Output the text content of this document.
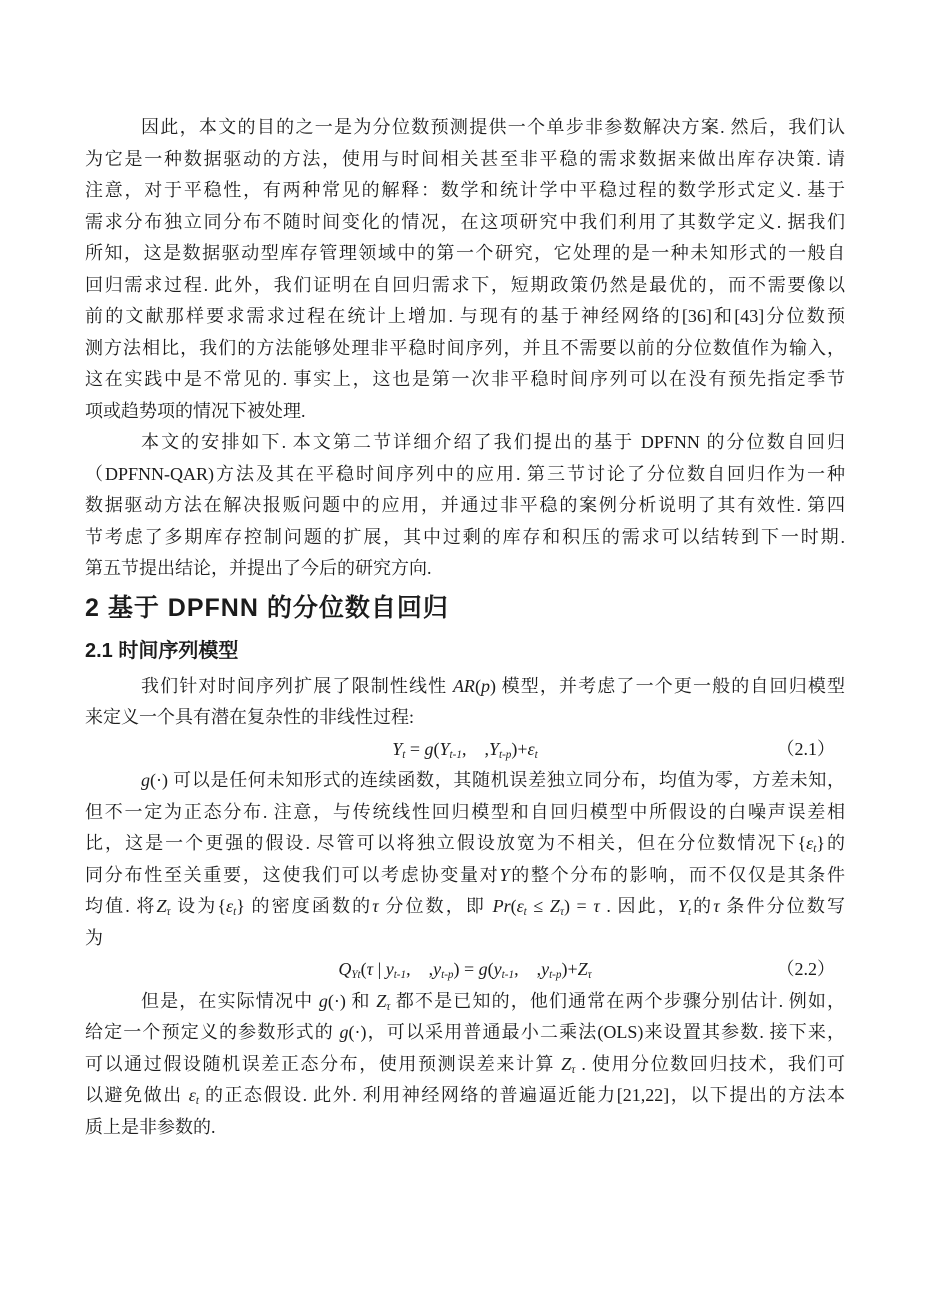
因此，本文的目的之一是为分位数预测提供一个单步非参数解决方案. 然后，我们认
为它是一种数据驱动的方法，使用与时间相关甚至非平稳的需求数据来做出库存决策. 请
注意，对于平稳性，有两种常见的解释：数学和统计学中平稳过程的数学形式定义. 基于
需求分布独立同分布不随时间变化的情况，在这项研究中我们利用了其数学定义. 据我们
所知，这是数据驱动型库存管理领域中的第一个研究，它处理的是一种未知形式的一般自
回归需求过程. 此外，我们证明在自回归需求下，短期政策仍然是最优的，而不需要像以
前的文献那样要求需求过程在统计上增加. 与现有的基于神经网络的[36]和[43]分位数预
测方法相比，我们的方法能够处理非平稳时间序列，并且不需要以前的分位数值作为输入，
这在实践中是不常见的. 事实上，这也是第一次非平稳时间序列可以在没有预先指定季节
项或趋势项的情况下被处理.
本文的安排如下. 本文第二节详细介绍了我们提出的基于 DPFNN 的分位数自回归
（DPFNN-QAR)方法及其在平稳时间序列中的应用. 第三节讨论了分位数自回归作为一种
数据驱动方法在解决报贩问题中的应用，并通过非平稳的案例分析说明了其有效性. 第四
节考虑了多期库存控制问题的扩展，其中过剩的库存和积压的需求可以结转到下一时期.
第五节提出结论，并提出了今后的研究方向.
2 基于 DPFNN 的分位数自回归
2.1 时间序列模型
我们针对时间序列扩展了限制性线性 AR(p) 模型，并考虑了一个更一般的自回归模型
来定义一个具有潜在复杂性的非线性过程:
$Y_t = g(Y_{t-1}$,  $,Y_{t-p})+\varepsilon_t$	（2.1）
g(·) 可以是任何未知形式的连续函数，其随机误差独立同分布，均值为零，方差未知，
但不一定为正态分布. 注意，与传统线性回归模型和自回归模型中所假设的白噪声误差相
比，这是一个更强的假设. 尽管可以将独立假设放宽为不相关，但在分位数情况下$\{\varepsilon_t\}$的
同分布性至关重要，这使我们可以考虑协变量对Y的整个分布的影响，而不仅仅是其条件
均值. 将$Z_\tau$ 设为$\{\varepsilon_t\}$ 的密度函数的τ 分位数，即 $Pr(\varepsilon_t \le Z_\tau) = \tau$ . 因此，$Y_t$的τ 条件分位数写
为
$Q_{Yt}(\tau$ | $y_{t-1}$,  $,y_{t-p}) = g(y_{t-1}$,  $,y_{t-p})+Z_\tau$	（2.2）
但是，在实际情况中 g(·) 和 $Z_\tau$ 都不是已知的，他们通常在两个步骤分别估计. 例如，
给定一个预定义的参数形式的 g(·)，可以采用普通最小二乘法(OLS)来设置其参数. 接下来，
可以通过假设随机误差正态分布，使用预测误差来计算 $Z_\tau$ . 使用分位数回归技术，我们可
以避免做出 $\varepsilon_t$ 的正态假设. 此外. 利用神经网络的普遍逼近能力[21,22]，以下提出的方法本
质上是非参数的.
